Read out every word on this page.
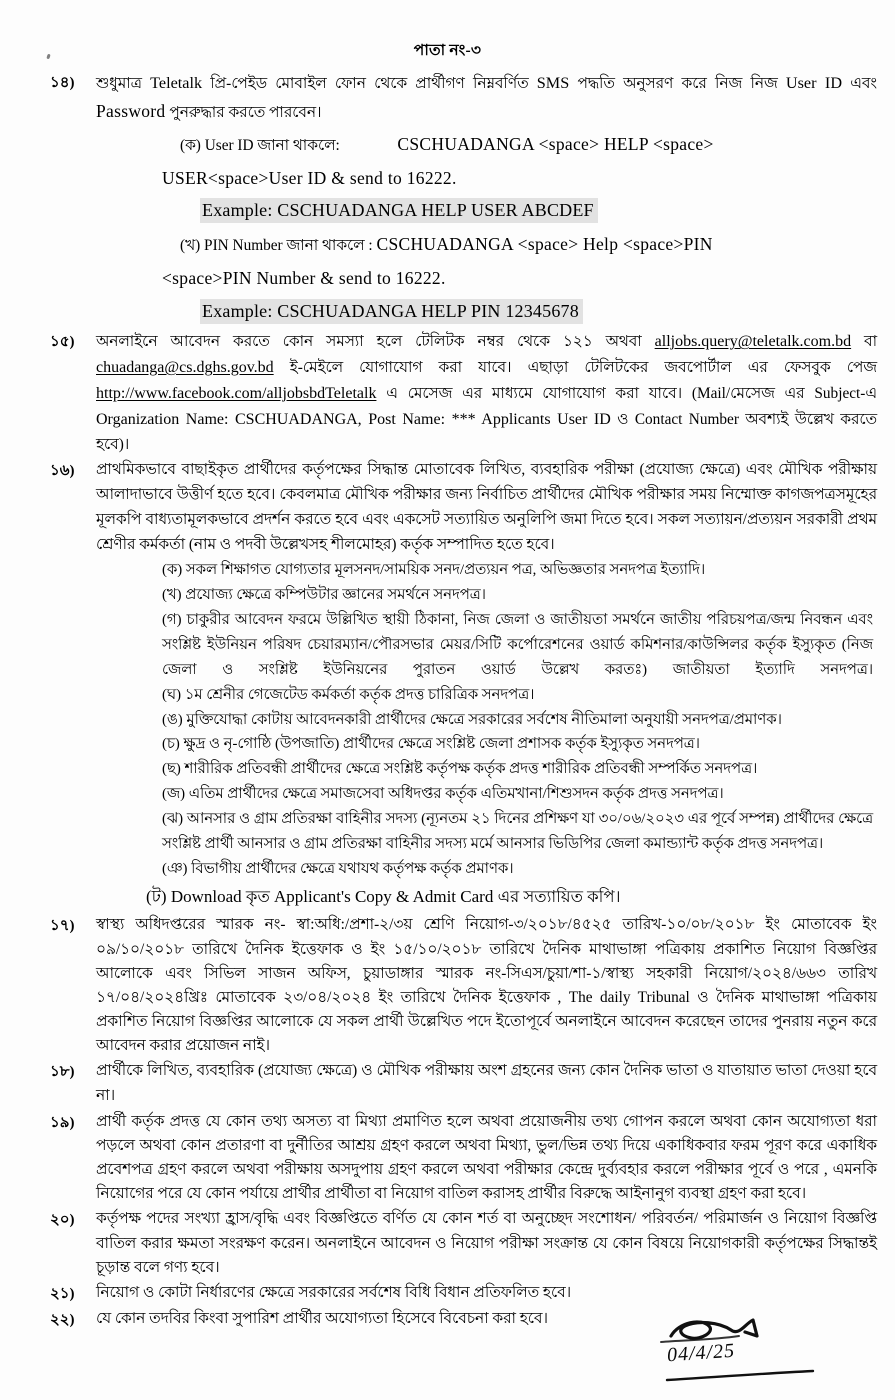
পাতা নং-৩
১৪)	শুধুমাত্র Teletalk প্রি-পেইড মোবাইল ফোন থেকে প্রার্থীগণ নিম্নবর্ণিত SMS পদ্ধতি অনুসরণ করে নিজ নিজ User ID এবং Password পুনরুদ্ধার করতে পারবেন।
(ক) User ID জানা থাকলে:	CSCHUADANGA <space> HELP <space>
USER<space>User ID & send to 16222.
Example: CSCHUADANGA HELP USER ABCDEF
(খ) PIN Number জানা থাকলে : CSCHUADANGA <space> Help <space>PIN
<space>PIN Number & send to 16222.
Example: CSCHUADANGA HELP PIN 12345678
১৫)	অনলাইনে আবেদন করতে কোন সমস্যা হলে টেলিটক নম্বর থেকে ১২১ অথবা alljobs.query@teletalk.com.bd বা chuadanga@cs.dghs.gov.bd ই-মেইলে যোগাযোগ করা যাবে। এছাড়া টেলিটকের জবপোর্টাল এর ফেসবুক পেজ http://www.facebook.com/alljobsbdTeletalk এ মেসেজ এর মাধ্যমে যোগাযোগ করা যাবে। (Mail/মেসেজ এর Subject-এ Organization Name: CSCHUADANGA, Post Name: *** Applicants User ID ও Contact Number অবশ্যই উল্লেখ করতে হবে)।
১৬)	প্রাথমিকভাবে বাছাইকৃত প্রার্থীদের কর্তৃপক্ষের সিদ্ধান্ত মোতাবেক লিখিত, ব্যবহারিক পরীক্ষা (প্রযোজ্য ক্ষেত্রে) এবং মৌখিক পরীক্ষায় আলাদাভাবে উত্তীর্ণ হতে হবে। কেবলমাত্র মৌখিক পরীক্ষার জন্য নির্বাচিত প্রার্থীদের মৌখিক পরীক্ষার সময় নিম্মোক্ত কাগজপত্রসমূহের মূলকপি বাধ্যতামূলকভাবে প্রদর্শন করতে হবে এবং একসেট সত্যায়িত অনুলিপি জমা দিতে হবে। সকল সত্যায়ন/প্রত্যয়ন সরকারী প্রথম শ্রেণীর কর্মকর্তা (নাম ও পদবী উল্লেখসহ শীলমোহর) কর্তৃক সম্পাদিত হতে হবে।
(ক) সকল শিক্ষাগত যোগ্যতার মূলসনদ/সাময়িক সনদ/প্রত্যয়ন পত্র, অভিজ্ঞতার সনদপত্র ইত্যাদি।
(খ) প্রযোজ্য ক্ষেত্রে কম্পিউটার জ্ঞানের সমর্থনে সনদপত্র।
(গ) চাকুরীর আবেদন ফরমে উল্লিখিত স্থায়ী ঠিকানা, নিজ জেলা ও জাতীয়তা সমর্থনে জাতীয় পরিচয়পত্র/জন্ম নিবন্ধন এবং সংশ্লিষ্ট ইউনিয়ন পরিষদ চেয়ারম্যান/পৌরসভার মেয়র/সিটি কর্পোরেশনের ওয়ার্ড কমিশনার/কাউন্সিলর কর্তৃক ইস্যুকৃত (নিজ জেলা ও সংশ্লিষ্ট ইউনিয়নের পুরাতন ওয়ার্ড উল্লেখ করতঃ) জাতীয়তা ইত্যাদি সনদপত্র।
(ঘ) ১ম শ্রেনীর গেজেটেড কর্মকর্তা কর্তৃক প্রদত্ত চারিত্রিক সনদপত্র।
(ঙ) মুক্তিযোদ্ধা কোটায় আবেদনকারী প্রার্থীদের ক্ষেত্রে সরকারের সর্বশেষ নীতিমালা অনুযায়ী সনদপত্র/প্রমাণক।
(চ) ক্ষুদ্র ও নৃ-গোষ্ঠি (উপজাতি) প্রার্থীদের ক্ষেত্রে সংশ্লিষ্ট জেলা প্রশাসক কর্তৃক ইস্যুকৃত সনদপত্র।
(ছ) শারীরিক প্রতিবন্ধী প্রার্থীদের ক্ষেত্রে সংশ্লিষ্ট কর্তৃপক্ষ কর্তৃক প্রদত্ত শারীরিক প্রতিবন্ধী সম্পর্কিত সনদপত্র।
(জ) এতিম প্রার্থীদের ক্ষেত্রে সমাজসেবা অধিদপ্তর কর্তৃক এতিমখানা/শিশুসদন কর্তৃক প্রদত্ত সনদপত্র।
(ঝ) আনসার ও গ্রাম প্রতিরক্ষা বাহিনীর সদস্য (ন্যূনতম ২১ দিনের প্রশিক্ষণ যা ৩০/০৬/২০২৩ এর পূর্বে সম্পন্ন) প্রার্থীদের ক্ষেত্রে সংশ্লিষ্ট প্রার্থী আনসার ও গ্রাম প্রতিরক্ষা বাহিনীর সদস্য মর্মে আনসার ভিডিপির জেলা কমান্ড্যান্ট কর্তৃক প্রদত্ত সনদপত্র।
(ঞ) বিভাগীয় প্রার্থীদের ক্ষেত্রে যথাযথ কর্তৃপক্ষ কর্তৃক প্রমাণক।
(ট) Download কৃত Applicant's Copy & Admit Card এর সত্যায়িত কপি।
১৭)	স্বাস্থ্য অধিদপ্তরের স্মারক নং- স্বা:অধি:/প্রশা-২/৩য় শ্রেণি নিয়োগ-৩/২০১৮/৪৫২৫ তারিখ-১০/০৮/২০১৮ ইং মোতাবেক ইং ০৯/১০/২০১৮ তারিখে দৈনিক ইত্তেফাক ও ইং ১৫/১০/২০১৮ তারিখে দৈনিক মাথাভাঙ্গা পত্রিকায় প্রকাশিত নিয়োগ বিজ্ঞপ্তির আলোকে এবং সিভিল সাজন অফিস, চুয়াডাঙ্গার স্মারক নং-সিএস/চুয়া/শা-১/স্বাস্থ্য সহকারী নিয়োগ/২০২৪/৬৬৩ তারিখ ১৭/০৪/২০২৪খ্রিঃ মোতাবেক ২৩/০৪/২০২৪ ইং তারিখে দৈনিক ইত্তেফাক , The daily Tribunal ও দৈনিক মাথাভাঙ্গা পত্রিকায় প্রকাশিত নিয়োগ বিজ্ঞপ্তির আলোকে যে সকল প্রার্থী উল্লেখিত পদে ইতোপূর্বে অনলাইনে আবেদন করেছেন তাদের পুনরায় নতুন করে আবেদন করার প্রয়োজন নাই।
১৮)	প্রার্থীকে লিখিত, ব্যবহারিক (প্রযোজ্য ক্ষেত্রে) ও মৌখিক পরীক্ষায় অংশ গ্রহনের জন্য কোন দৈনিক ভাতা ও যাতায়াত ভাতা দেওয়া হবে না।
১৯)	প্রার্থী কর্তৃক প্রদত্ত যে কোন তথ্য অসত্য বা মিথ্যা প্রমাণিত হলে অথবা প্রয়োজনীয় তথ্য গোপন করলে অথবা কোন অযোগ্যতা ধরা পড়লে অথবা কোন প্রতারণা বা দুর্নীতির আশ্রয় গ্রহণ করলে অথবা মিথ্যা, ভুল/ভিন্ন তথ্য দিয়ে একাধিকবার ফরম পূরণ করে একাধিক প্রবেশপত্র গ্রহণ করলে অথবা পরীক্ষায় অসদুপায় গ্রহণ করলে অথবা পরীক্ষার কেন্দ্রে দুর্ব্যবহার করলে পরীক্ষার পূর্বে ও পরে , এমনকি নিয়োগের পরে যে কোন পর্যায়ে প্রার্থীর প্রার্থীতা বা নিয়োগ বাতিল করাসহ প্রার্থীর বিরুদ্ধে আইনানুগ ব্যবস্থা গ্রহণ করা হবে।
২০)	কর্তৃপক্ষ পদের সংখ্যা হ্রাস/বৃদ্ধি এবং বিজ্ঞপ্তিতে বর্ণিত যে কোন শর্ত বা অনুচ্ছেদ সংশোধন/ পরিবর্তন/ পরিমার্জন ও নিয়োগ বিজ্ঞপ্তি বাতিল করার ক্ষমতা সংরক্ষণ করেন। অনলাইনে আবেদন ও নিয়োগ পরীক্ষা সংক্রান্ত যে কোন বিষয়ে নিয়োগকারী কর্তৃপক্ষের সিদ্ধান্তই চূড়ান্ত বলে গণ্য হবে।
২১)	নিয়োগ ও কোটা নির্ধারণের ক্ষেত্রে সরকারের সর্বশেষ বিধি বিধান প্রতিফলিত হবে।
২২)	যে কোন তদবির কিংবা সুপারিশ প্রার্থীর অযোগ্যতা হিসেবে বিবেচনা করা হবে।
04/4/25
